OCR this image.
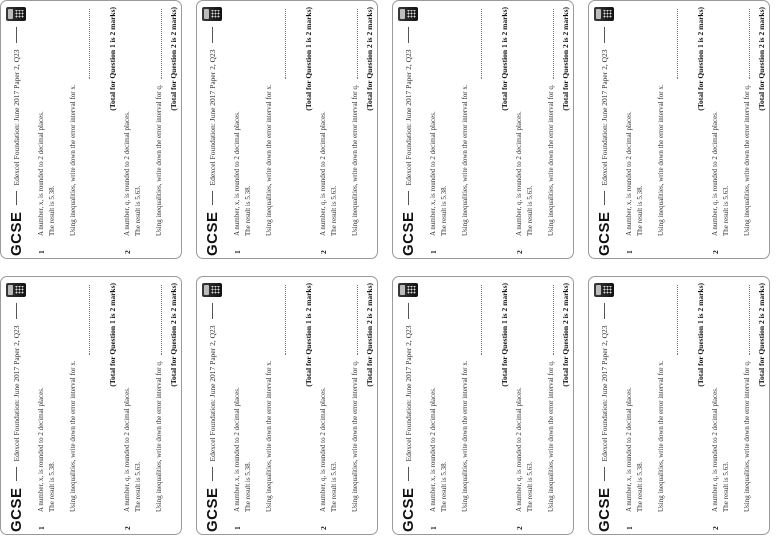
GCSE
Edexcel Foundation: June 2017 Paper 2, Q23
1

A number, x, is rounded to 2 decimal places. The result is 5.38. Using inequalities, write down the error interval for x.

(Total for Question 1 is 2 marks)
2

A number, q, is rounded to 2 decimal places. The result is 5.63. Using inequalities, write down the error interval for q.

(Total for Question 2 is 2 marks)
GCSE
Edexcel Foundation: June 2017 Paper 2, Q23
1

A number, x, is rounded to 2 decimal places. The result is 5.38. Using inequalities, write down the error interval for x.

(Total for Question 1 is 2 marks)
2

A number, q, is rounded to 2 decimal places. The result is 5.63. Using inequalities, write down the error interval for q.

(Total for Question 2 is 2 marks)
GCSE
Edexcel Foundation: June 2017 Paper 2, Q23
1

A number, x, is rounded to 2 decimal places. The result is 5.38. Using inequalities, write down the error interval for x.

(Total for Question 1 is 2 marks)
2

A number, q, is rounded to 2 decimal places. The result is 5.63. Using inequalities, write down the error interval for q.

(Total for Question 2 is 2 marks)
GCSE
Edexcel Foundation: June 2017 Paper 2, Q23
1

A number, x, is rounded to 2 decimal places. The result is 5.38. Using inequalities, write down the error interval for x.

(Total for Question 1 is 2 marks)
2

A number, q, is rounded to 2 decimal places. The result is 5.63. Using inequalities, write down the error interval for q.

(Total for Question 2 is 2 marks)
GCSE
Edexcel Foundation: June 2017 Paper 2, Q23
1

A number, x, is rounded to 2 decimal places. The result is 5.38. Using inequalities, write down the error interval for x.

(Total for Question 1 is 2 marks)
2

A number, q, is rounded to 2 decimal places. The result is 5.63. Using inequalities, write down the error interval for q.

(Total for Question 2 is 2 marks)
GCSE
Edexcel Foundation: June 2017 Paper 2, Q23
1

A number, x, is rounded to 2 decimal places. The result is 5.38. Using inequalities, write down the error interval for x.

(Total for Question 1 is 2 marks)
2

A number, q, is rounded to 2 decimal places. The result is 5.63. Using inequalities, write down the error interval for q.

(Total for Question 2 is 2 marks)
GCSE
Edexcel Foundation: June 2017 Paper 2, Q23
1

A number, x, is rounded to 2 decimal places. The result is 5.38. Using inequalities, write down the error interval for x.

(Total for Question 1 is 2 marks)
2

A number, q, is rounded to 2 decimal places. The result is 5.63. Using inequalities, write down the error interval for q.

(Total for Question 2 is 2 marks)
GCSE
Edexcel Foundation: June 2017 Paper 2, Q23
1

A number, x, is rounded to 2 decimal places. The result is 5.38. Using inequalities, write down the error interval for x.

(Total for Question 1 is 2 marks)
2

A number, q, is rounded to 2 decimal places. The result is 5.63. Using inequalities, write down the error interval for q.

(Total for Question 2 is 2 marks)
